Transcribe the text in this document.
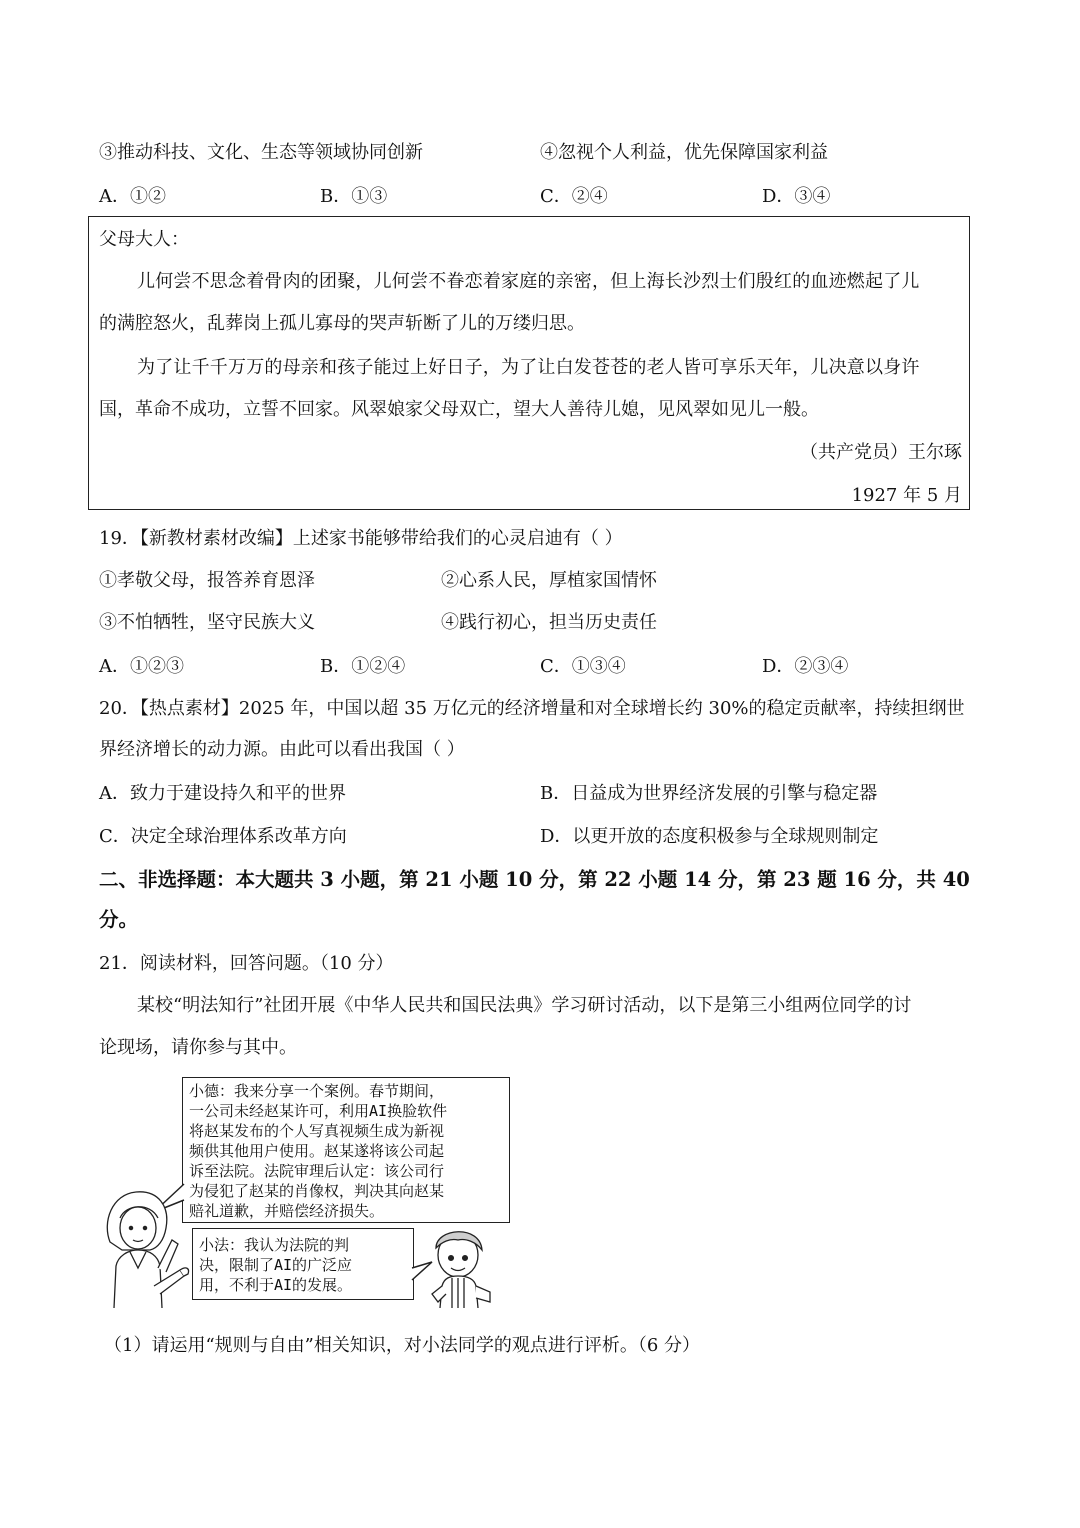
③推动科技、文化、生态等领域协同创新	④忽视个人利益，优先保障国家利益
A．①②	B．①③	C．②④	D．③④
父母大人：
儿何尝不思念着骨肉的团聚，儿何尝不眷恋着家庭的亲密，但上海长沙烈士们殷红的血迹燃起了儿
的满腔怒火，乱葬岗上孤儿寡母的哭声斩断了儿的万缕归思。
为了让千千万万的母亲和孩子能过上好日子，为了让白发苍苍的老人皆可享乐天年，儿决意以身许
国，革命不成功，立誓不回家。风翠娘家父母双亡，望大人善待儿媳，见风翠如见儿一般。
（共产党员）王尔琢
1927 年 5 月
19．【新教材素材改编】上述家书能够带给我们的心灵启迪有（ ）
①孝敬父母，报答养育恩泽	②心系人民，厚植家国情怀
③不怕牺牲，坚守民族大义	④践行初心，担当历史责任
A．①②③	B．①②④	C．①③④	D．②③④
20．【热点素材】2025 年，中国以超 35 万亿元的经济增量和对全球增长约 30%的稳定贡献率，持续担纲世
界经济增长的动力源。由此可以看出我国（ ）
A．致力于建设持久和平的世界	B．日益成为世界经济发展的引擎与稳定器
C．决定全球治理体系改革方向	D．以更开放的态度积极参与全球规则制定
二、非选择题：本大题共 3 小题，第 21 小题 10 分，第 22 小题 14 分，第 23 题 16 分，共 40
分。
21．阅读材料，回答问题。（10 分）
某校“明法知行”社团开展《中华人民共和国民法典》学习研讨活动，以下是第三小组两位同学的讨
论现场，请你参与其中。
小德：我来分享一个案例。春节期间，
一公司未经赵某许可，利用AI换脸软件
将赵某发布的个人写真视频生成为新视
频供其他用户使用。赵某遂将该公司起
诉至法院。法院审理后认定：该公司行
为侵犯了赵某的肖像权，判决其向赵某
赔礼道歉，并赔偿经济损失。
小法：我认为法院的判
决，限制了AI的广泛应
用，不利于AI的发展。
（1）请运用“规则与自由”相关知识，对小法同学的观点进行评析。（6 分）
